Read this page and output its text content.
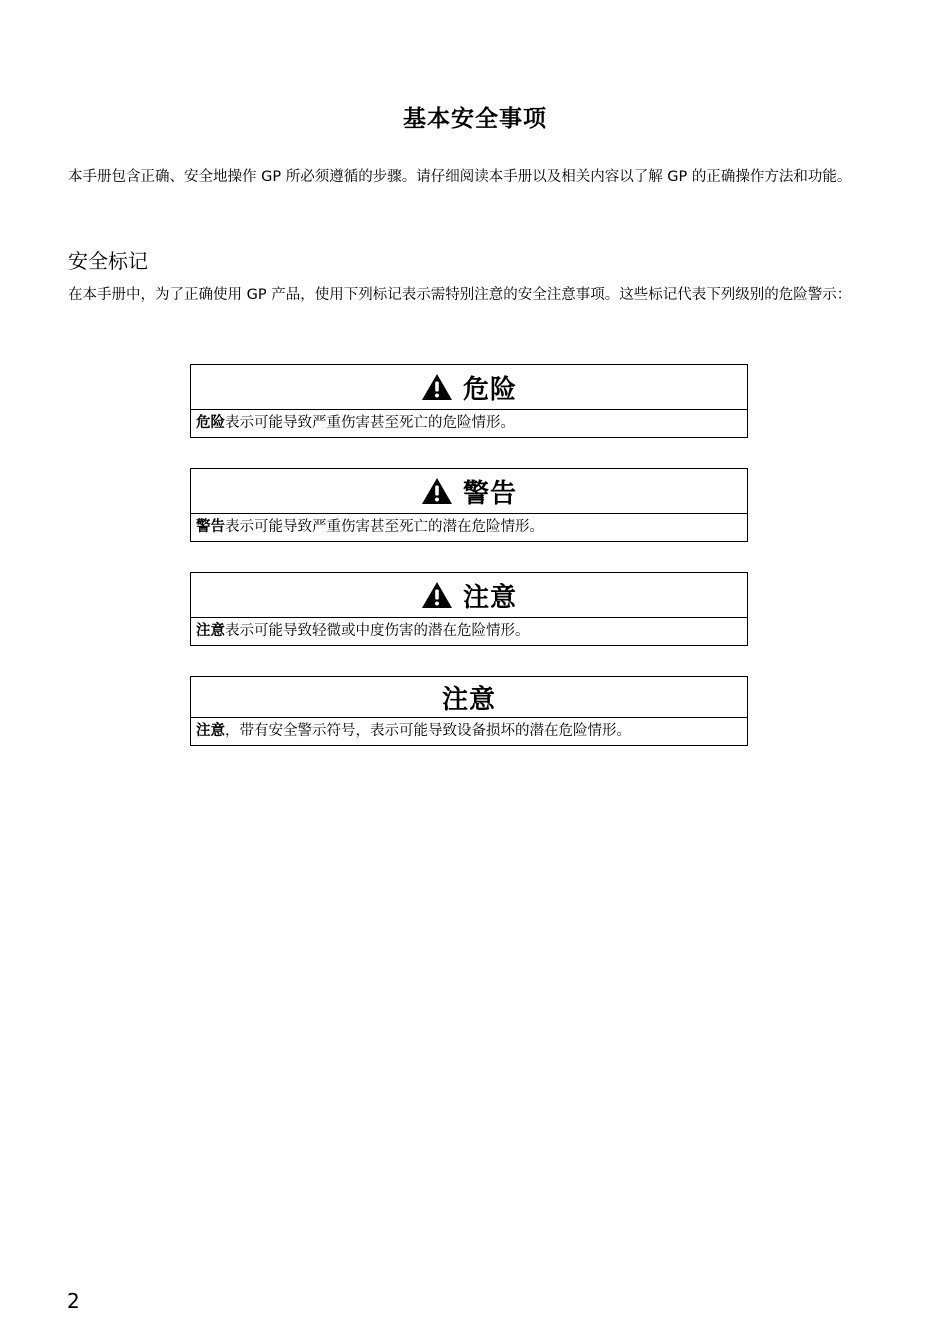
基本安全事项
本手册包含正确、安全地操作 GP 所必须遵循的步骤。请仔细阅读本手册以及相关内容以了解 GP 的正确操作方法和功能。
安全标记
在本手册中，为了正确使用 GP 产品，使用下列标记表示需特别注意的安全注意事项。这些标记代表下列级别的危险警示：
危险
危险表示可能导致严重伤害甚至死亡的危险情形。
警告
警告表示可能导致严重伤害甚至死亡的潜在危险情形。
注意
注意表示可能导致轻微或中度伤害的潜在危险情形。
注意
注意，带有安全警示符号，表示可能导致设备损坏的潜在危险情形。
2
